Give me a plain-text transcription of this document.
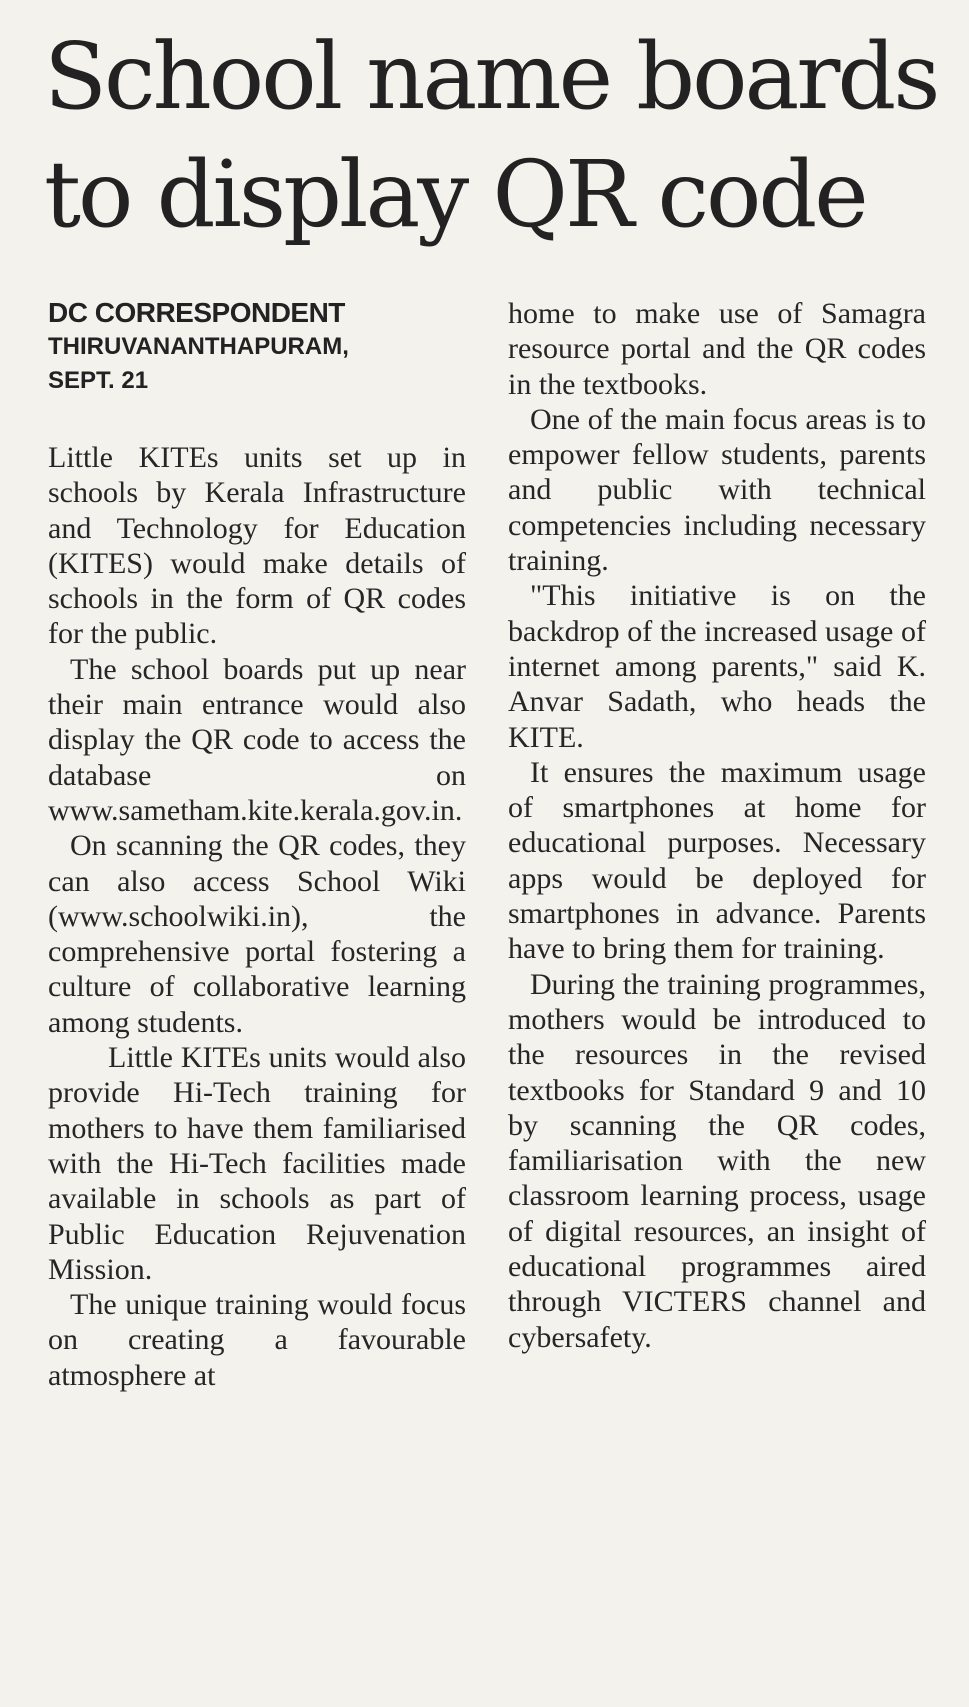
School name boards
to display QR code
DC CORRESPONDENT
THIRUVANANTHAPURAM,
SEPT. 21

Little KITEs units set up in schools by Kerala Infrastructure and Technology for Education (KITES) would make details of schools in the form of QR codes for the public.

The school boards put up near their main entrance would also display the QR code to access the database on www.sametham.kite.kerala.gov.in.

On scanning the QR codes, they can also access School Wiki (www.schoolwiki.in), the comprehensive portal fostering a culture of collaborative learning among students.

Little KITEs units would also provide Hi-Tech training for mothers to have them familiarised with the Hi-Tech facilities made available in schools as part of Public Education Rejuvenation Mission.

The unique training would focus on creating a favourable atmosphere at

home to make use of Samagra resource portal and the QR codes in the textbooks.

One of the main focus areas is to empower fellow students, parents and public with technical competencies including necessary training.

"This initiative is on the backdrop of the increased usage of internet among parents," said K. Anvar Sadath, who heads the KITE.

It ensures the maximum usage of smartphones at home for educational purposes. Necessary apps would be deployed for smartphones in advance. Parents have to bring them for training.

During the training programmes, mothers would be introduced to the resources in the revised textbooks for Standard 9 and 10 by scanning the QR codes, familiarisation with the new classroom learning process, usage of digital resources, an insight of educational programmes aired through VICTERS channel and cybersafety.
